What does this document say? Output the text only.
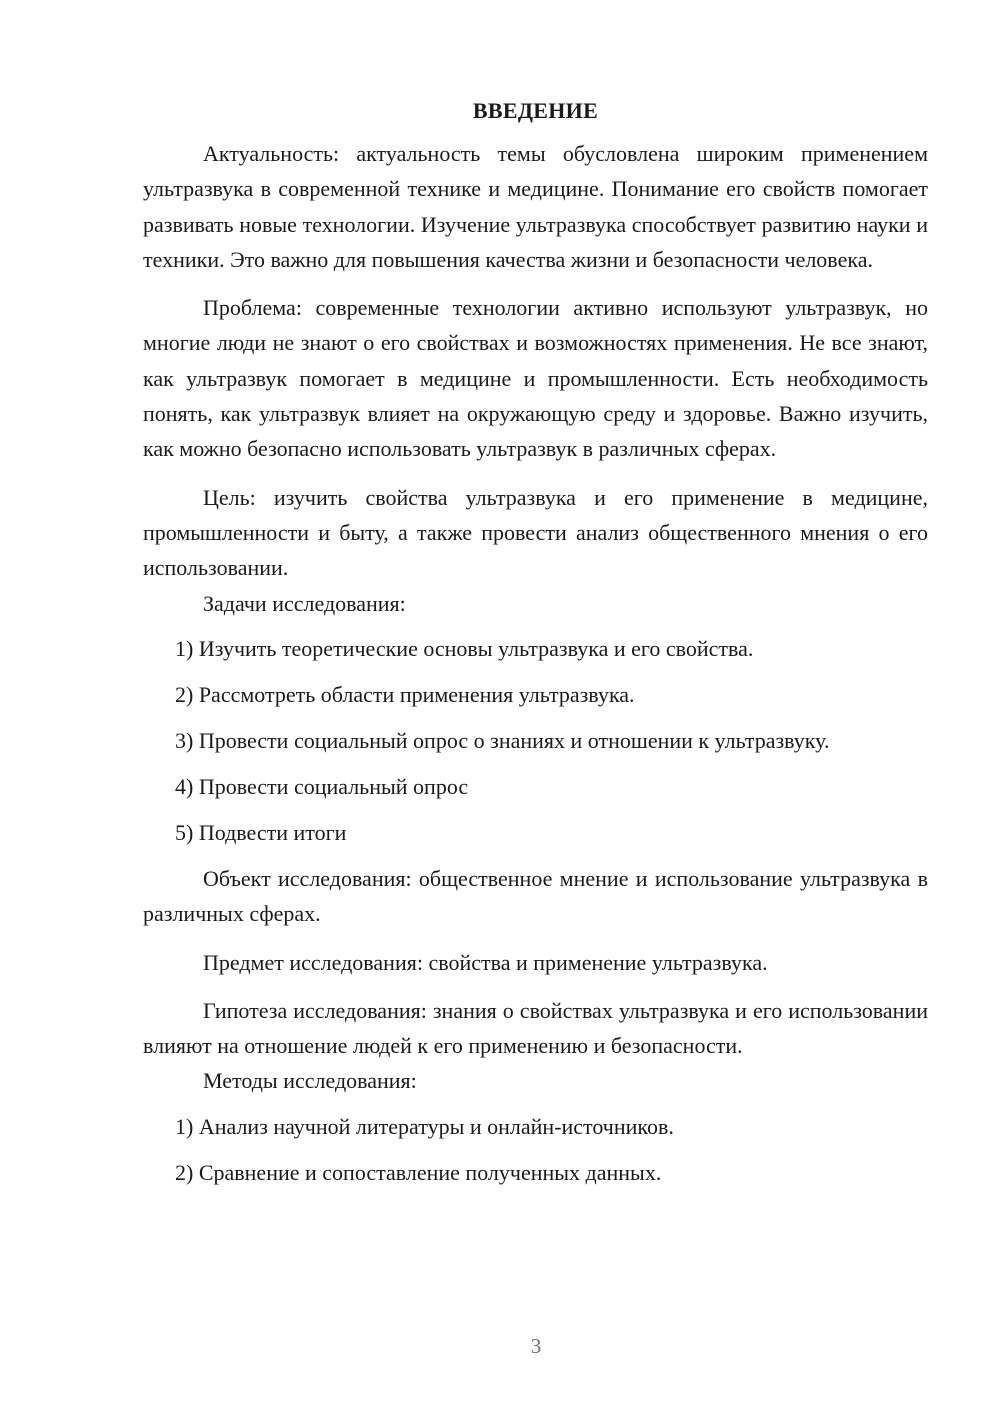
ВВЕДЕНИЕ

Актуальность: актуальность темы обусловлена широким применением ультразвука в современной технике и медицине. Понимание его свойств помогает развивать новые технологии. Изучение ультразвука способствует развитию науки и техники. Это важно для повышения качества жизни и безопасности человека.

Проблема: современные технологии активно используют ультразвук, но многие люди не знают о его свойствах и возможностях применения. Не все знают, как ультразвук помогает в медицине и промышленности. Есть необходимость понять, как ультразвук влияет на окружающую среду и здоровье. Важно изучить, как можно безопасно использовать ультразвук в различных сферах.

Цель: изучить свойства ультразвука и его применение в медицине, промышленности и быту, а также провести анализ общественного мнения о его использовании.

Задачи исследования:

1) Изучить теоретические основы ультразвука и его свойства.

2) Рассмотреть области применения ультразвука.

3) Провести социальный опрос о знаниях и отношении к ультразвуку.

4) Провести социальный опрос

5) Подвести итоги

Объект исследования: общественное мнение и использование ультразвука в различных сферах.

Предмет исследования: свойства и применение ультразвука.

Гипотеза исследования: знания о свойствах ультразвука и его использовании влияют на отношение людей к его применению и безопасности.

Методы исследования:

1) Анализ научной литературы и онлайн-источников.

2) Сравнение и сопоставление полученных данных.

3
